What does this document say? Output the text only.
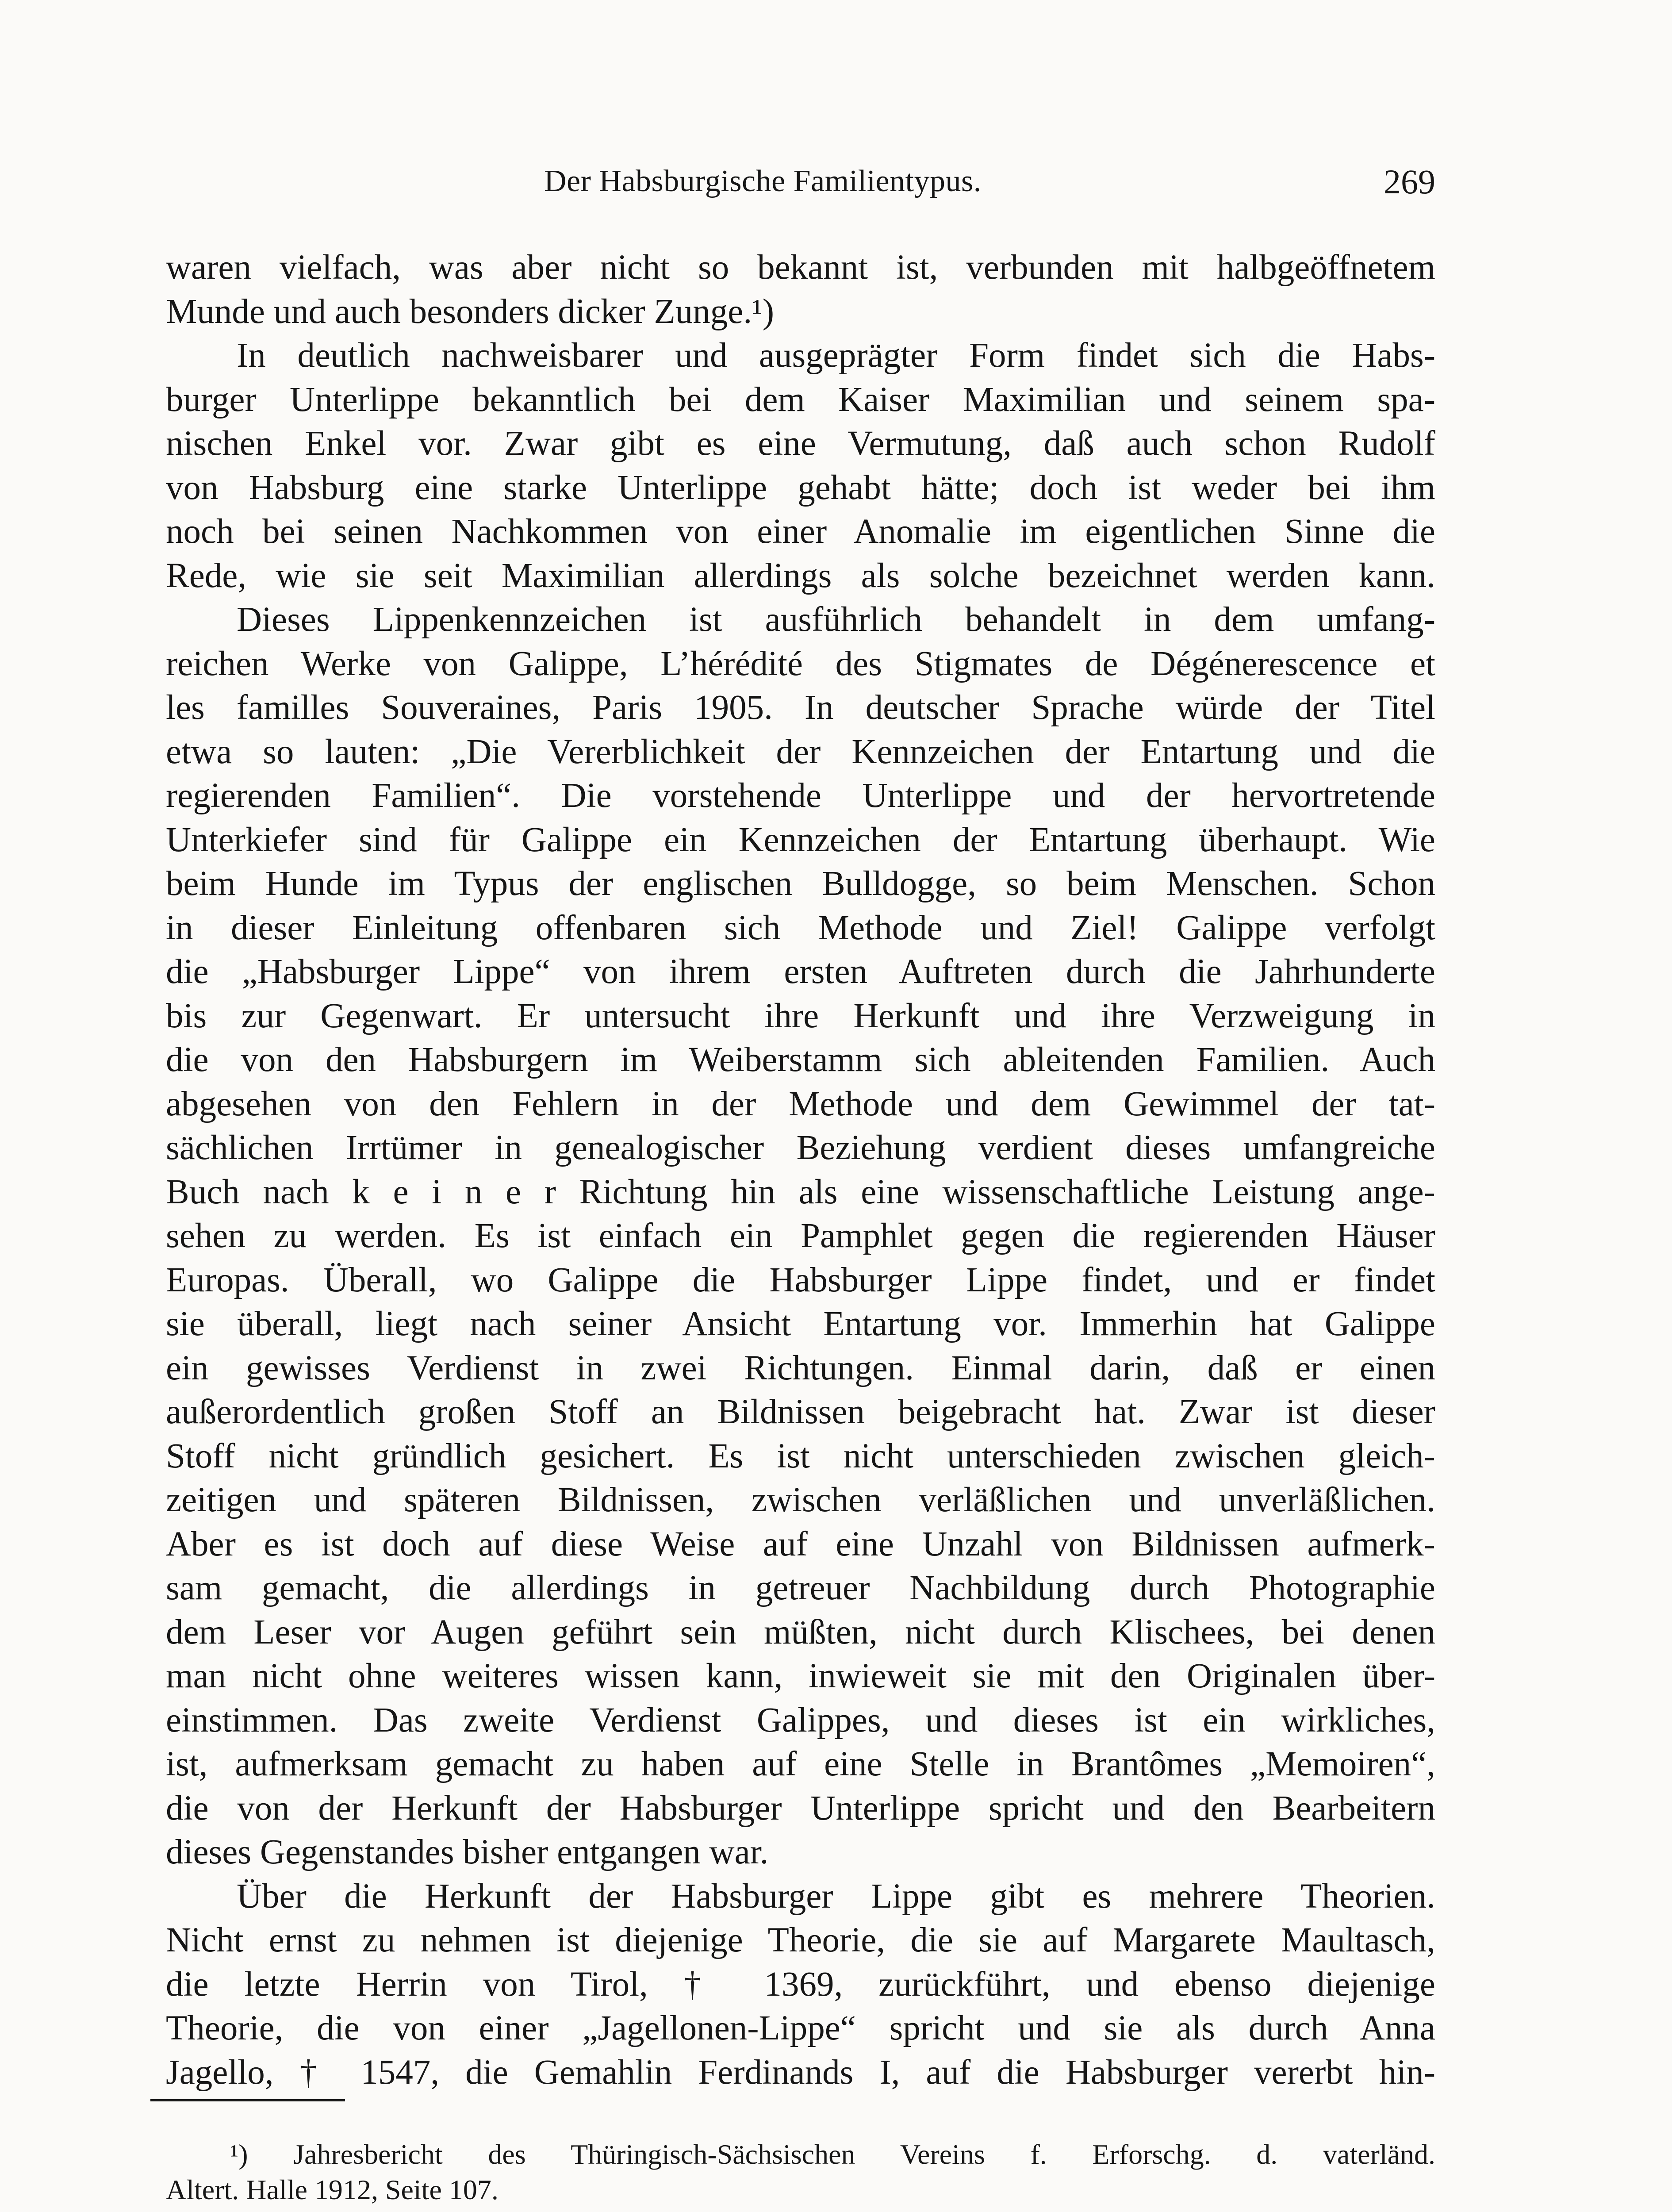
Der Habsburgische Familientypus.	269
waren vielfach, was aber nicht so bekannt ist, verbunden mit halbgeöffnetem
Munde und auch besonders dicker Zunge.¹)
In deutlich nachweisbarer und ausgeprägter Form findet sich die Habs-
burger Unterlippe bekanntlich bei dem Kaiser Maximilian und seinem spa-
nischen Enkel vor. Zwar gibt es eine Vermutung, daß auch schon Rudolf
von Habsburg eine starke Unterlippe gehabt hätte; doch ist weder bei ihm
noch bei seinen Nachkommen von einer Anomalie im eigentlichen Sinne die
Rede, wie sie seit Maximilian allerdings als solche bezeichnet werden kann.
Dieses Lippenkennzeichen ist ausführlich behandelt in dem umfang-
reichen Werke von Galippe, L’hérédité des Stigmates de Dégénerescence et
les familles Souveraines, Paris 1905. In deutscher Sprache würde der Titel
etwa so lauten: „Die Vererblichkeit der Kennzeichen der Entartung und die
regierenden Familien“. Die vorstehende Unterlippe und der hervortretende
Unterkiefer sind für Galippe ein Kennzeichen der Entartung überhaupt. Wie
beim Hunde im Typus der englischen Bulldogge, so beim Menschen. Schon
in dieser Einleitung offenbaren sich Methode und Ziel! Galippe verfolgt
die „Habsburger Lippe“ von ihrem ersten Auftreten durch die Jahrhunderte
bis zur Gegenwart. Er untersucht ihre Herkunft und ihre Verzweigung in
die von den Habsburgern im Weiberstamm sich ableitenden Familien. Auch
abgesehen von den Fehlern in der Methode und dem Gewimmel der tat-
sächlichen Irrtümer in genealogischer Beziehung verdient dieses umfangreiche
Buch nach k e i n e r Richtung hin als eine wissenschaftliche Leistung ange-
sehen zu werden. Es ist einfach ein Pamphlet gegen die regierenden Häuser
Europas. Überall, wo Galippe die Habsburger Lippe findet, und er findet
sie überall, liegt nach seiner Ansicht Entartung vor. Immerhin hat Galippe
ein gewisses Verdienst in zwei Richtungen. Einmal darin, daß er einen
außerordentlich großen Stoff an Bildnissen beigebracht hat. Zwar ist dieser
Stoff nicht gründlich gesichert. Es ist nicht unterschieden zwischen gleich-
zeitigen und späteren Bildnissen, zwischen verläßlichen und unverläßlichen.
Aber es ist doch auf diese Weise auf eine Unzahl von Bildnissen aufmerk-
sam gemacht, die allerdings in getreuer Nachbildung durch Photographie
dem Leser vor Augen geführt sein müßten, nicht durch Klischees, bei denen
man nicht ohne weiteres wissen kann, inwieweit sie mit den Originalen über-
einstimmen. Das zweite Verdienst Galippes, und dieses ist ein wirkliches,
ist, aufmerksam gemacht zu haben auf eine Stelle in Brantômes „Memoiren“,
die von der Herkunft der Habsburger Unterlippe spricht und den Bearbeitern
dieses Gegenstandes bisher entgangen war.
Über die Herkunft der Habsburger Lippe gibt es mehrere Theorien.
Nicht ernst zu nehmen ist diejenige Theorie, die sie auf Margarete Maultasch,
die letzte Herrin von Tirol, † 1369, zurückführt, und ebenso diejenige
Theorie, die von einer „Jagellonen-Lippe“ spricht und sie als durch Anna
Jagello, † 1547, die Gemahlin Ferdinands I, auf die Habsburger vererbt hin-
¹) Jahresbericht des Thüringisch-Sächsischen Vereins f. Erforschg. d. vaterländ.
Altert. Halle 1912, Seite 107.
